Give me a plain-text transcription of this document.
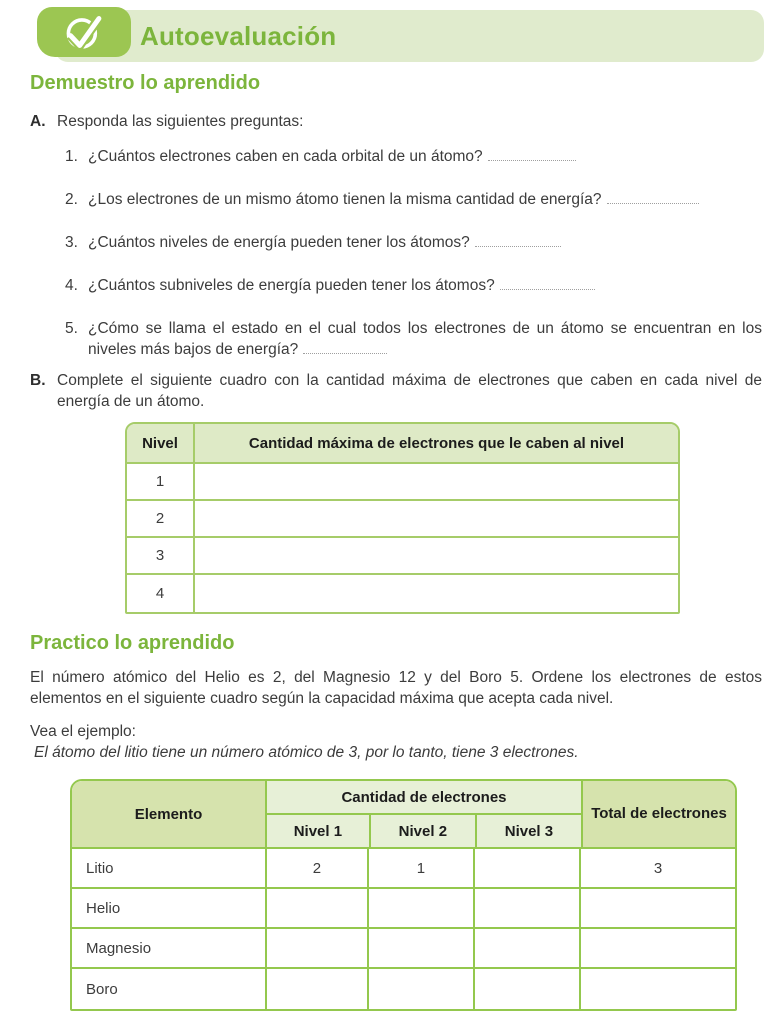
Autoevaluación
Demuestro lo aprendido
A. Responda las siguientes preguntas:
1. ¿Cuántos electrones caben en cada orbital de un átomo?
2. ¿Los electrones de un mismo átomo tienen la misma cantidad de energía?
3. ¿Cuántos niveles de energía pueden tener los átomos?
4. ¿Cuántos subniveles de energía pueden tener los átomos?
5. ¿Cómo se llama el estado en el cual todos los electrones de un átomo se encuentran en los niveles más bajos de energía?
B. Complete el siguiente cuadro con la cantidad máxima de electrones que caben en cada nivel de energía de un átomo.
Nivel	Cantidad máxima de electrones que le caben al nivel
1	
2	
3	
4	
Practico lo aprendido

El número atómico del Helio es 2, del Magnesio 12 y del Boro 5. Ordene los electrones de estos elementos en el siguiente cuadro según la capacidad máxima que acepta cada nivel.

Vea el ejemplo:
El átomo del litio tiene un número atómico de 3, por lo tanto, tiene 3 electrones.
Elemento	Cantidad de electrones			Total de electrones
	Nivel 1	Nivel 2	Nivel 3	
Litio	2	1		3
Helio				
Magnesio				
Boro				
